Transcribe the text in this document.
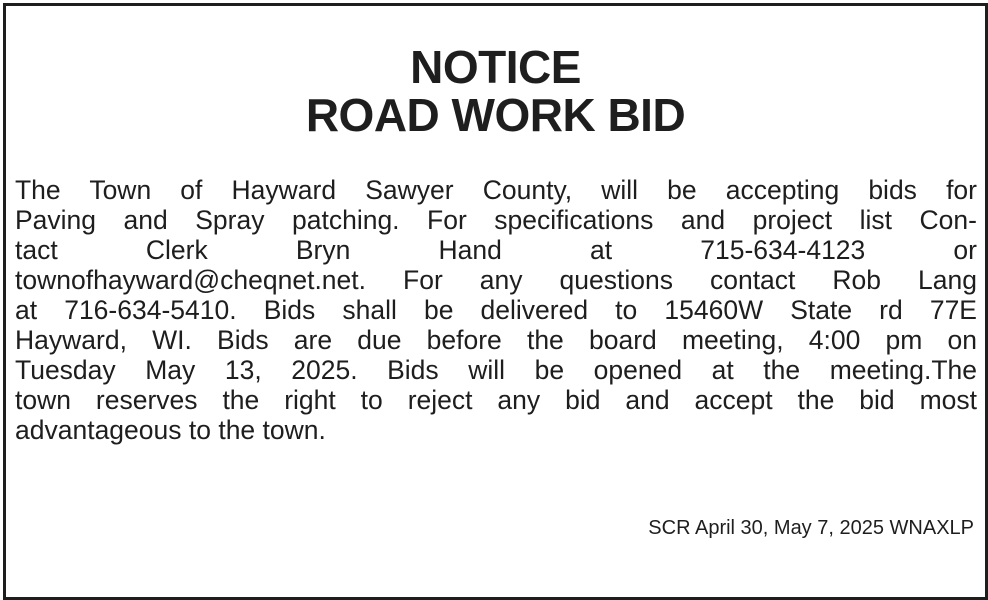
NOTICE
ROAD WORK BID
The Town of Hayward Sawyer County, will be accepting bids for
Paving and Spray patching. For specifications and project list Con-
tact Clerk Bryn Hand at 715-634-4123 or
townofhayward@cheqnet.net. For any questions contact Rob Lang
at 716-634-5410. Bids shall be delivered to 15460W State rd 77E
Hayward, WI. Bids are due before the board meeting, 4:00 pm on
Tuesday May 13, 2025. Bids will be opened at the meeting.The
town reserves the right to reject any bid and accept the bid most
advantageous to the town.
SCR April 30, May 7, 2025 WNAXLP
